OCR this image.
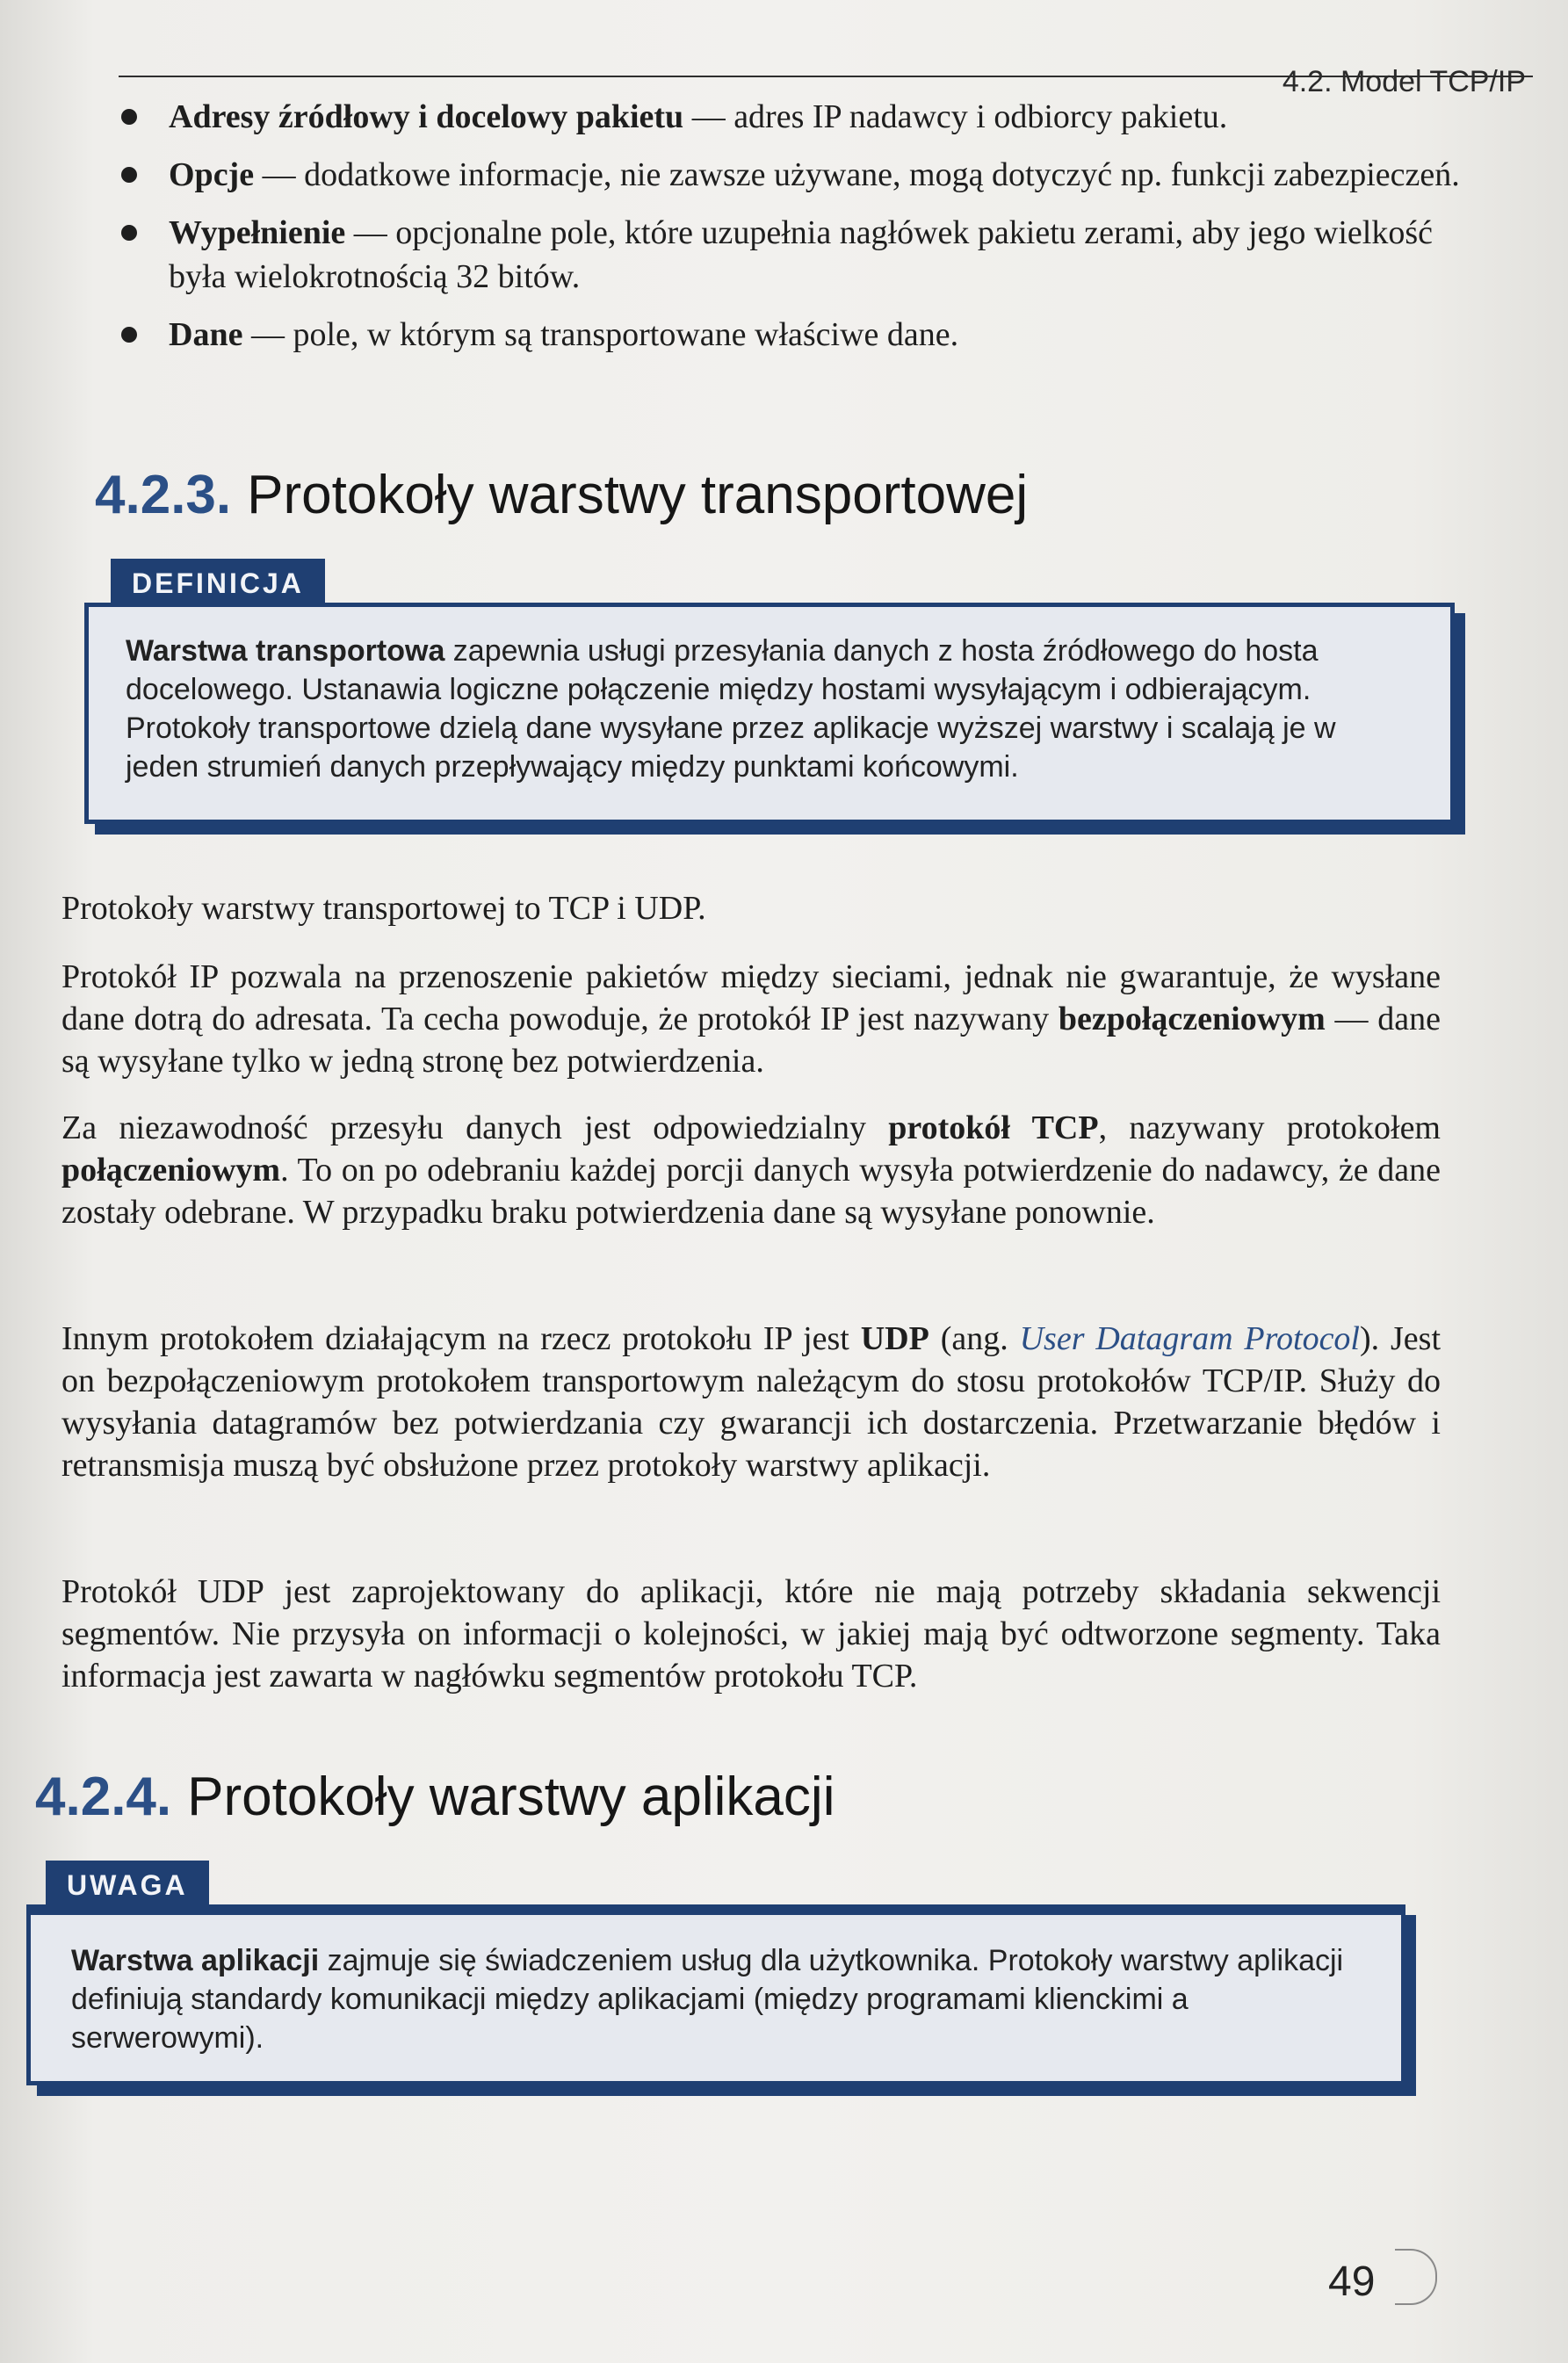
4.2. Model TCP/IP
Adresy źródłowy i docelowy pakietu — adres IP nadawcy i odbiorcy pakietu.
Opcje — dodatkowe informacje, nie zawsze używane, mogą dotyczyć np. funkcji zabezpieczeń.
Wypełnienie — opcjonalne pole, które uzupełnia nagłówek pakietu zerami, aby jego wielkość była wielokrotnością 32 bitów.
Dane — pole, w którym są transportowane właściwe dane.
4.2.3. Protokoły warstwy transportowej
DEFINICJA
Warstwa transportowa zapewnia usługi przesyłania danych z hosta źródłowego do hosta docelowego. Ustanawia logiczne połączenie między hostami wysyłającym i odbierającym. Protokoły transportowe dzielą dane wysyłane przez aplikacje wyższej warstwy i scalają je w jeden strumień danych przepływający między punktami końcowymi.

Protokoły warstwy transportowej to TCP i UDP.

Protokół IP pozwala na przenoszenie pakietów między sieciami, jednak nie gwarantuje, że wysłane dane dotrą do adresata. Ta cecha powoduje, że protokół IP jest nazywany bezpołączeniowym — dane są wysyłane tylko w jedną stronę bez potwierdzenia.

Za niezawodność przesyłu danych jest odpowiedzialny protokół TCP, nazywany protokołem połączeniowym. To on po odebraniu każdej porcji danych wysyła potwierdzenie do nadawcy, że dane zostały odebrane. W przypadku braku potwierdzenia dane są wysyłane ponownie.

Innym protokołem działającym na rzecz protokołu IP jest UDP (ang. User Datagram Protocol). Jest on bezpołączeniowym protokołem transportowym należącym do stosu protokołów TCP/IP. Służy do wysyłania datagramów bez potwierdzania czy gwarancji ich dostarczenia. Przetwarzanie błędów i retransmisja muszą być obsłużone przez protokoły warstwy aplikacji.

Protokół UDP jest zaprojektowany do aplikacji, które nie mają potrzeby składania sekwencji segmentów. Nie przysyła on informacji o kolejności, w jakiej mają być odtworzone segmenty. Taka informacja jest zawarta w nagłówku segmentów protokołu TCP.

4.2.4. Protokoły warstwy aplikacji
UWAGA
Warstwa aplikacji zajmuje się świadczeniem usług dla użytkownika. Protokoły warstwy aplikacji definiują standardy komunikacji między aplikacjami (między programami klienckimi a serwerowymi).
49
